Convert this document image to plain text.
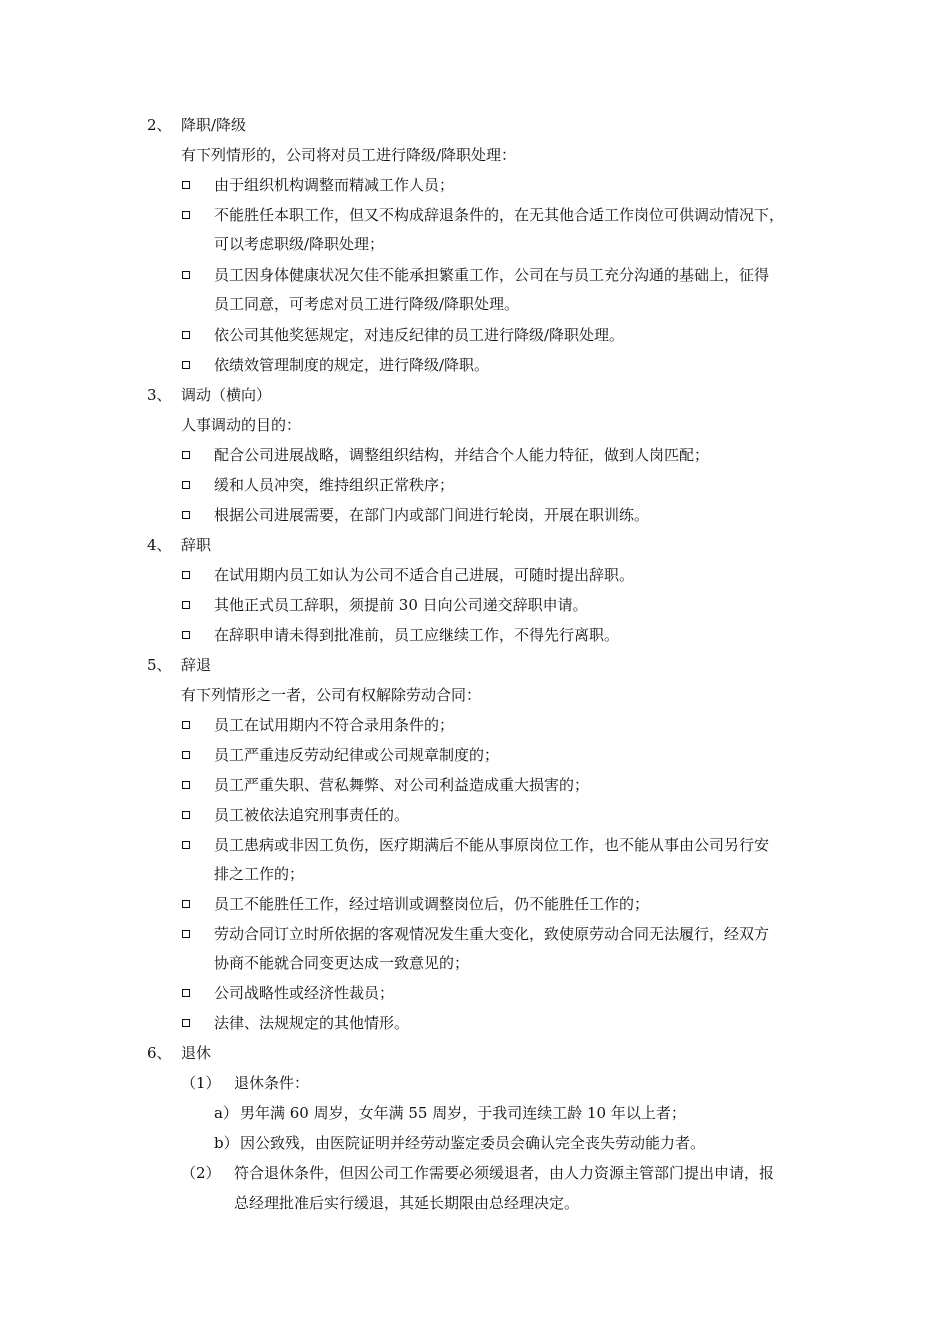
2、 降职/降级
有下列情形的，公司将对员工进行降级/降职处理：
由于组织机构调整而精减工作人员；
不能胜任本职工作，但又不构成辞退条件的，在无其他合适工作岗位可供调动情况下，
可以考虑职级/降职处理；
员工因身体健康状况欠佳不能承担繁重工作，公司在与员工充分沟通的基础上，征得
员工同意，可考虑对员工进行降级/降职处理。
依公司其他奖惩规定，对违反纪律的员工进行降级/降职处理。
依绩效管理制度的规定，进行降级/降职。
3、 调动（横向）
人事调动的目的：
配合公司进展战略，调整组织结构，并结合个人能力特征，做到人岗匹配；
缓和人员冲突，维持组织正常秩序；
根据公司进展需要，在部门内或部门间进行轮岗，开展在职训练。
4、 辞职
在试用期内员工如认为公司不适合自己进展，可随时提出辞职。
其他正式员工辞职，须提前 30 日向公司递交辞职申请。
在辞职申请未得到批准前，员工应继续工作，不得先行离职。
5、 辞退
有下列情形之一者，公司有权解除劳动合同：
员工在试用期内不符合录用条件的；
员工严重违反劳动纪律或公司规章制度的；
员工严重失职、营私舞弊、对公司利益造成重大损害的；
员工被依法追究刑事责任的。
员工患病或非因工负伤，医疗期满后不能从事原岗位工作，也不能从事由公司另行安
排之工作的；
员工不能胜任工作，经过培训或调整岗位后，仍不能胜任工作的；
劳动合同订立时所依据的客观情况发生重大变化，致使原劳动合同无法履行，经双方
协商不能就合同变更达成一致意见的；
公司战略性或经济性裁员；
法律、法规规定的其他情形。
6、 退休
（1） 退休条件：
a） 男年满 60 周岁，女年满 55 周岁，于我司连续工龄 10 年以上者；
b） 因公致残，由医院证明并经劳动鉴定委员会确认完全丧失劳动能力者。
（2） 符合退休条件，但因公司工作需要必须缓退者，由人力资源主管部门提出申请，报
总经理批准后实行缓退，其延长期限由总经理决定。
